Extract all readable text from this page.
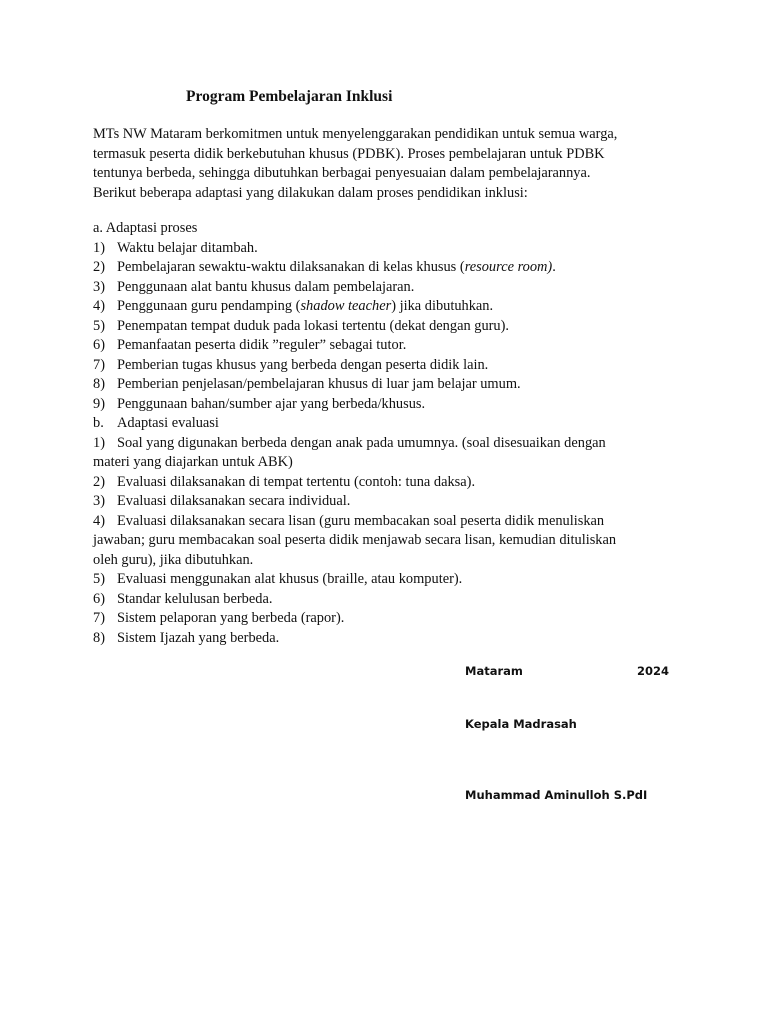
Program Pembelajaran Inklusi
MTs NW Mataram berkomitmen untuk menyelenggarakan pendidikan untuk semua warga,
termasuk peserta didik berkebutuhan khusus (PDBK). Proses pembelajaran untuk PDBK
tentunya berbeda, sehingga dibutuhkan berbagai penyesuaian dalam pembelajarannya.
Berikut beberapa adaptasi yang dilakukan dalam proses pendidikan inklusi:
a. Adaptasi proses
1) Waktu belajar ditambah.
2) Pembelajaran sewaktu-waktu dilaksanakan di kelas khusus (resource room).
3) Penggunaan alat bantu khusus dalam pembelajaran.
4) Penggunaan guru pendamping (shadow teacher) jika dibutuhkan.
5) Penempatan tempat duduk pada lokasi tertentu (dekat dengan guru).
6) Pemanfaatan peserta didik ”reguler” sebagai tutor.
7) Pemberian tugas khusus yang berbeda dengan peserta didik lain.
8) Pemberian penjelasan/pembelajaran khusus di luar jam belajar umum.
9) Penggunaan bahan/sumber ajar yang berbeda/khusus.
b. Adaptasi evaluasi
1) Soal yang digunakan berbeda dengan anak pada umumnya. (soal disesuaikan dengan
materi yang diajarkan untuk ABK)
2) Evaluasi dilaksanakan di tempat tertentu (contoh: tuna daksa).
3) Evaluasi dilaksanakan secara individual.
4) Evaluasi dilaksanakan secara lisan (guru membacakan soal peserta didik menuliskan
jawaban; guru membacakan soal peserta didik menjawab secara lisan, kemudian dituliskan
oleh guru), jika dibutuhkan.
5) Evaluasi menggunakan alat khusus (braille, atau komputer).
6) Standar kelulusan berbeda.
7) Sistem pelaporan yang berbeda (rapor).
8) Sistem Ijazah yang berbeda.
Mataram	2024
Kepala Madrasah
Muhammad Aminulloh S.PdI
